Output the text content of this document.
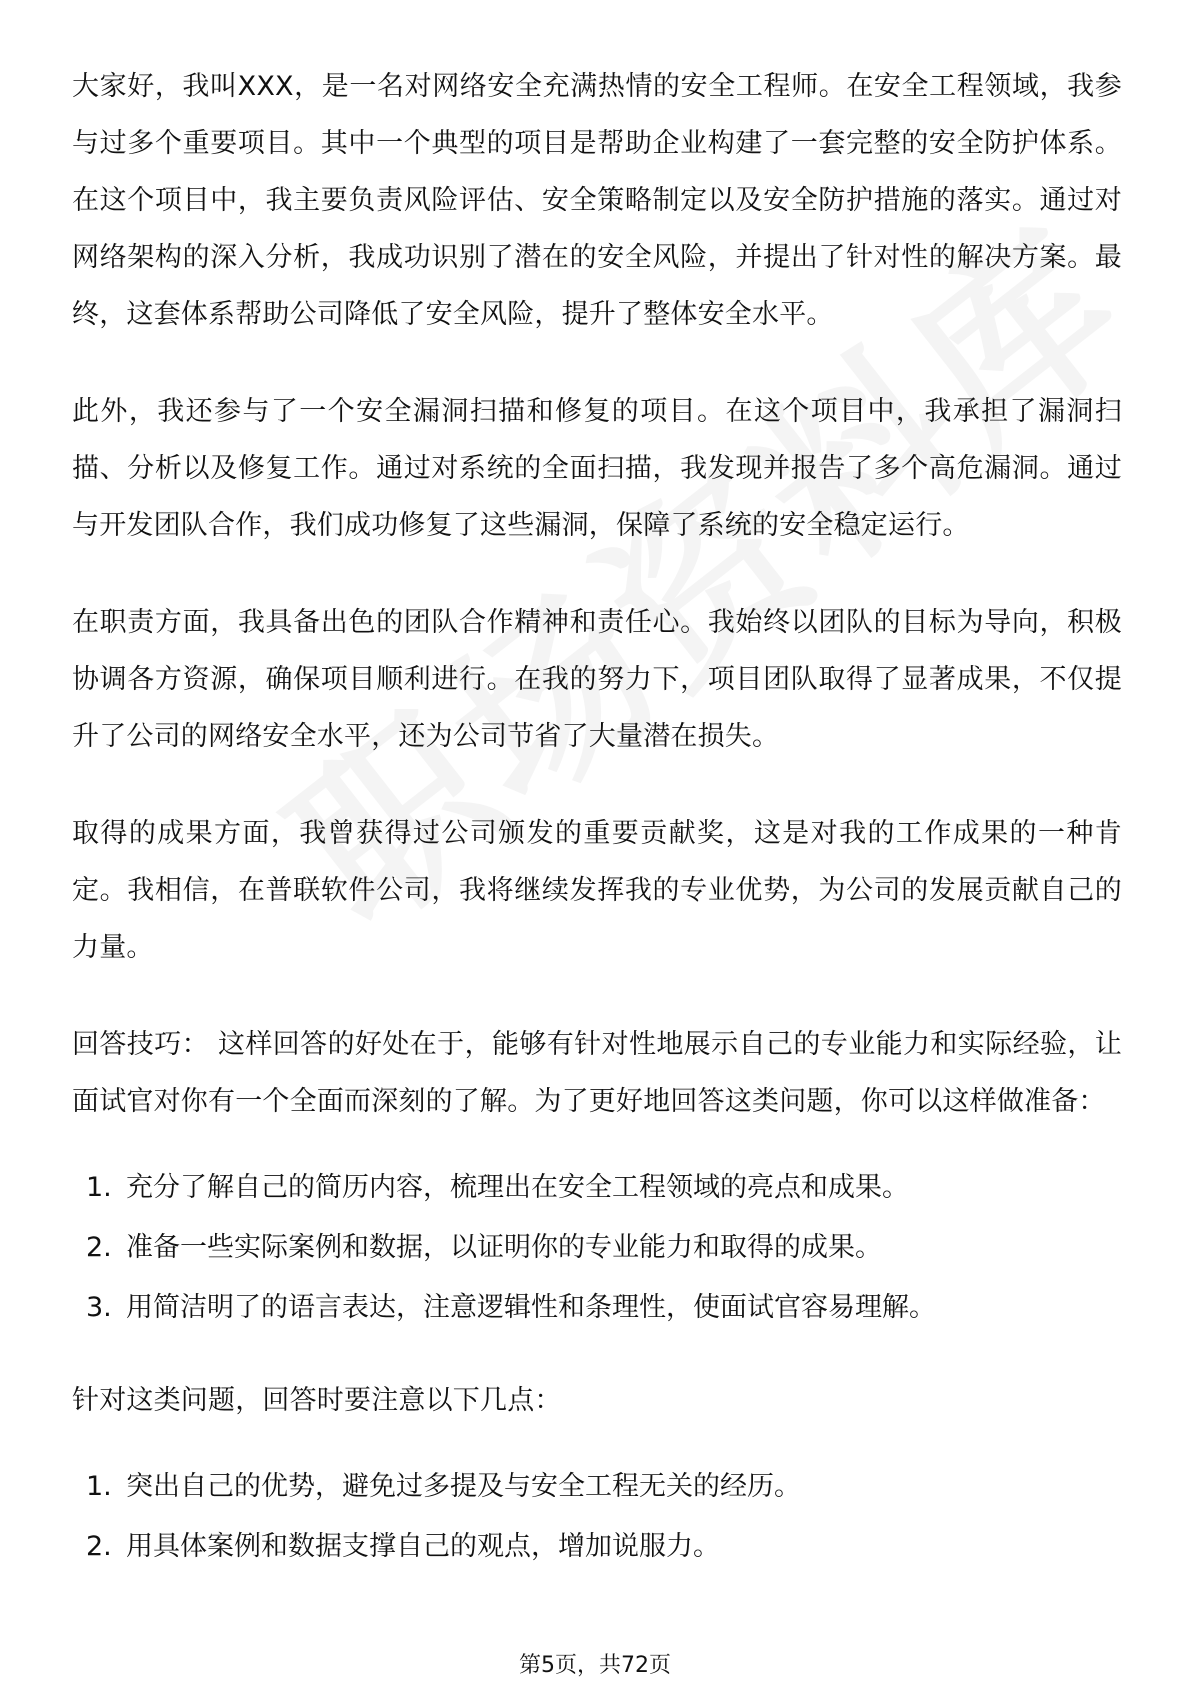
大家好，我叫XXX，是一名对网络安全充满热情的安全工程师。在安全工程领域，我参与过多个重要项目。其中一个典型的项目是帮助企业构建了一套完整的安全防护体系。在这个项目中，我主要负责风险评估、安全策略制定以及安全防护措施的落实。通过对网络架构的深入分析，我成功识别了潜在的安全风险，并提出了针对性的解决方案。最终，这套体系帮助公司降低了安全风险，提升了整体安全水平。

此外，我还参与了一个安全漏洞扫描和修复的项目。在这个项目中，我承担了漏洞扫描、分析以及修复工作。通过对系统的全面扫描，我发现并报告了多个高危漏洞。通过与开发团队合作，我们成功修复了这些漏洞，保障了系统的安全稳定运行。

在职责方面，我具备出色的团队合作精神和责任心。我始终以团队的目标为导向，积极协调各方资源，确保项目顺利进行。在我的努力下，项目团队取得了显著成果，不仅提升了公司的网络安全水平，还为公司节省了大量潜在损失。

取得的成果方面，我曾获得过公司颁发的重要贡献奖，这是对我的工作成果的一种肯定。我相信，在普联软件公司，我将继续发挥我的专业优势，为公司的发展贡献自己的力量。

回答技巧： 这样回答的好处在于，能够有针对性地展示自己的专业能力和实际经验，让面试官对你有一个全面而深刻的了解。为了更好地回答这类问题，你可以这样做准备：

1. 充分了解自己的简历内容，梳理出在安全工程领域的亮点和成果。
2. 准备一些实际案例和数据，以证明你的专业能力和取得的成果。
3. 用简洁明了的语言表达，注意逻辑性和条理性，使面试官容易理解。

针对这类问题，回答时要注意以下几点：

1. 突出自己的优势，避免过多提及与安全工程无关的经历。
2. 用具体案例和数据支撑自己的观点，增加说服力。
第5页，共72页
